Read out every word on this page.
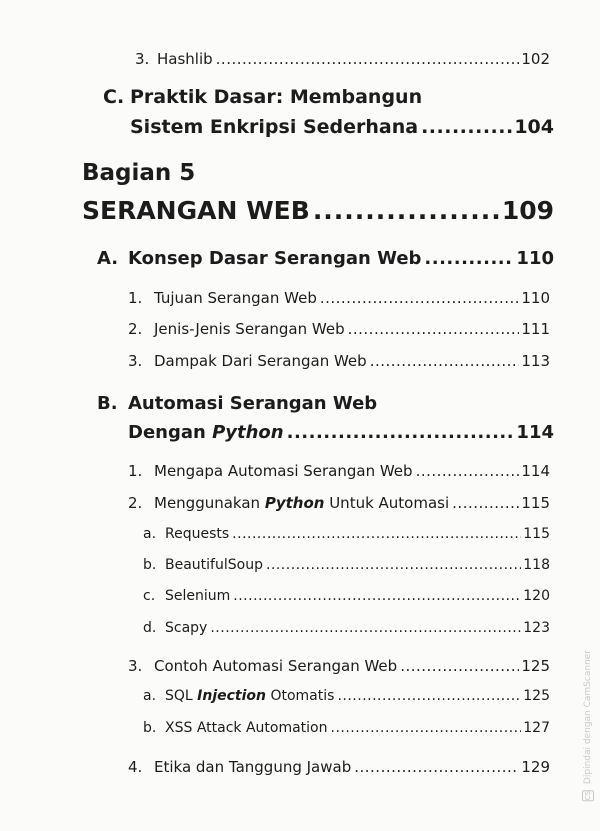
3. Hashlib .....	102
C. Praktik Dasar: Membangun
Sistem Enkripsi Sederhana .....	104
Bagian 5
SERANGAN WEB .....	109
A. Konsep Dasar Serangan Web .....	110
1. Tujuan Serangan Web .....	110
2. Jenis-Jenis Serangan Web .....	111
3. Dampak Dari Serangan Web .....	113
B. Automasi Serangan Web
Dengan Python .....	114
1. Mengapa Automasi Serangan Web .....	114
2. Menggunakan Python Untuk Automasi .....	115
a. Requests .....	115
b. BeautifulSoup .....	118
c. Selenium .....	120
d. Scapy .....	123
3. Contoh Automasi Serangan Web .....	125
a. SQL Injection Otomatis .....	125
b. XSS Attack Automation .....	127
4. Etika dan Tanggung Jawab .....	129
CS Dipindai dengan CamScanner
